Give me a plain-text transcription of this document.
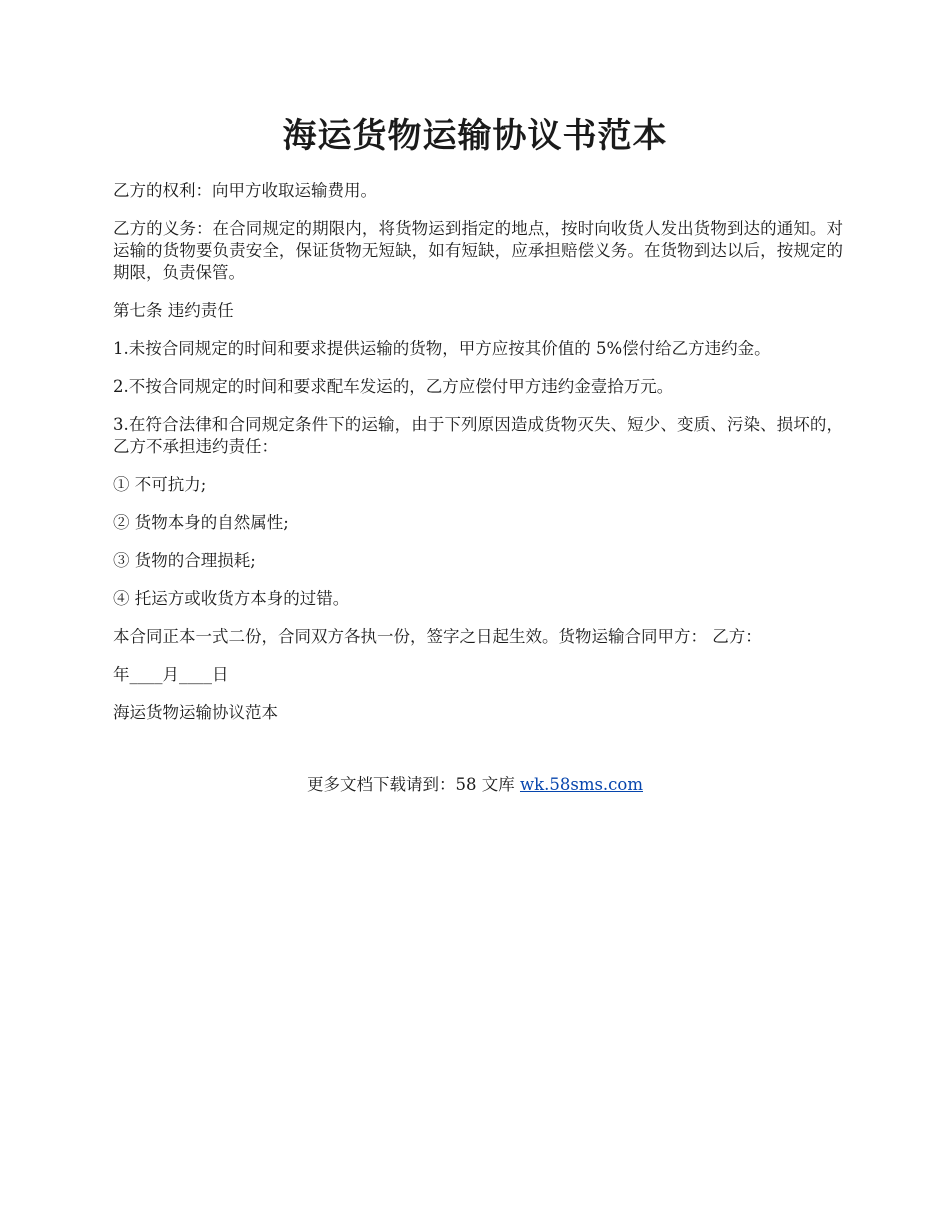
海运货物运输协议书范本

乙方的权利：向甲方收取运输费用。

乙方的义务：在合同规定的期限内，将货物运到指定的地点，按时向收货人发出货物到达的通知。对运输的货物要负责安全，保证货物无短缺，如有短缺，应承担赔偿义务。在货物到达以后，按规定的期限，负责保管。

第七条 违约责任

1.未按合同规定的时间和要求提供运输的货物，甲方应按其价值的 5%偿付给乙方违约金。

2.不按合同规定的时间和要求配车发运的，乙方应偿付甲方违约金壹拾万元。

3.在符合法律和合同规定条件下的运输，由于下列原因造成货物灭失、短少、变质、污染、损坏的，乙方不承担违约责任：

① 不可抗力;

② 货物本身的自然属性;

③ 货物的合理损耗;

④ 托运方或收货方本身的过错。

本合同正本一式二份，合同双方各执一份，签字之日起生效。货物运输合同甲方： 乙方：

年____月____日

海运货物运输协议范本

更多文档下载请到：58 文库 wk.58sms.com
